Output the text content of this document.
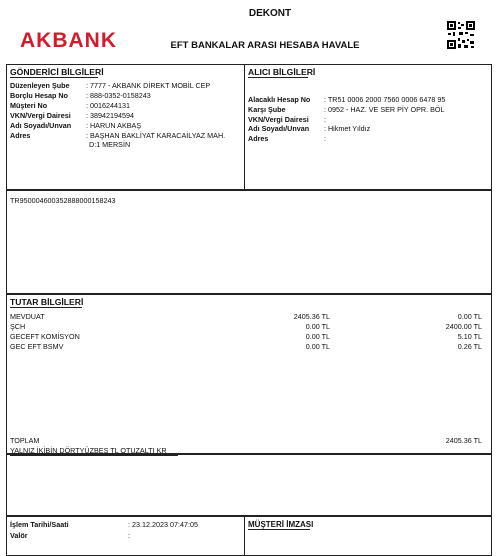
AKBANK
DEKONT
EFT BANKALAR ARASI HESABA HAVALE
GÖNDERİCİ BİLGİLERİ	ALICI BİLGİLERİ
Düzenleyen Şube : 7777 - AKBANK DİREKT MOBİL CEP
Borçlu Hesap No	: 888-0352-0158243
Müşteri No	: 0016244131
VKN/Vergi Dairesi : 38942194594
Adı Soyadı/Unvan : HARUN AKBAŞ
Adres	: BAŞHAN BAKLİYAT KARACAİLYAZ MAH.
D:1 MERSİN
Alacaklı Hesap No : TR51 0006 2000 7560 0006 6478 95
Karşı Şube	: 0952 - HAZ. VE SER PİY OPR. BÖL
VKN/Vergi Dairesi :
Adı Soyadı/Unvan : Hikmet Yıldız
Adres	:
TR950004600352888000158243
TUTAR BİLGİLERİ
MEVDUAT	2405.36 TL	0.00 TL
ŞCH	0.00 TL	2400.00 TL
GECEFT KOMİSYON	0.00 TL	5.10 TL
GEC EFT BSMV	0.00 TL	0.26 TL
TOPLAM	2405.36 TL
YALNIZ İKİBİN DÖRTYÜZBEŞ TL OTUZALTI KR
İşlem Tarihi/Saati	: 23.12.2023 07:47:05
Valör	:
MÜŞTERİ İMZASI
